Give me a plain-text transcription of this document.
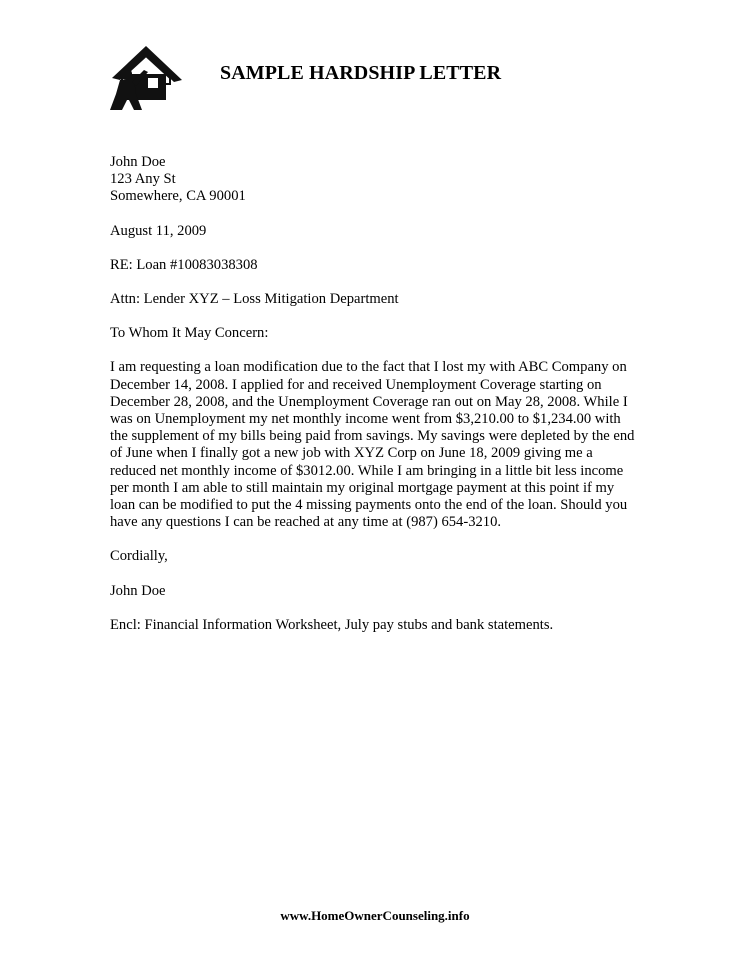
SAMPLE HARDSHIP LETTER
John Doe
123 Any St
Somewhere, CA 90001
August 11, 2009
RE: Loan #10083038308
Attn: Lender XYZ – Loss Mitigation Department
To Whom It May Concern:
I am requesting a loan modification due to the fact that I lost my with ABC Company on
December 14, 2008. I applied for and received Unemployment Coverage starting on
December 28, 2008, and the Unemployment Coverage ran out on May 28, 2008. While I
was on Unemployment my net monthly income went from $3,210.00 to $1,234.00 with
the supplement of my bills being paid from savings. My savings were depleted by the end
of June when I finally got a new job with XYZ Corp on June 18, 2009 giving me a
reduced net monthly income of $3012.00. While I am bringing in a little bit less income
per month I am able to still maintain my original mortgage payment at this point if my
loan can be modified to put the 4 missing payments onto the end of the loan. Should you
have any questions I can be reached at any time at (987) 654-3210.
Cordially,
John Doe
Encl: Financial Information Worksheet, July pay stubs and bank statements.
www.HomeOwnerCounseling.info
